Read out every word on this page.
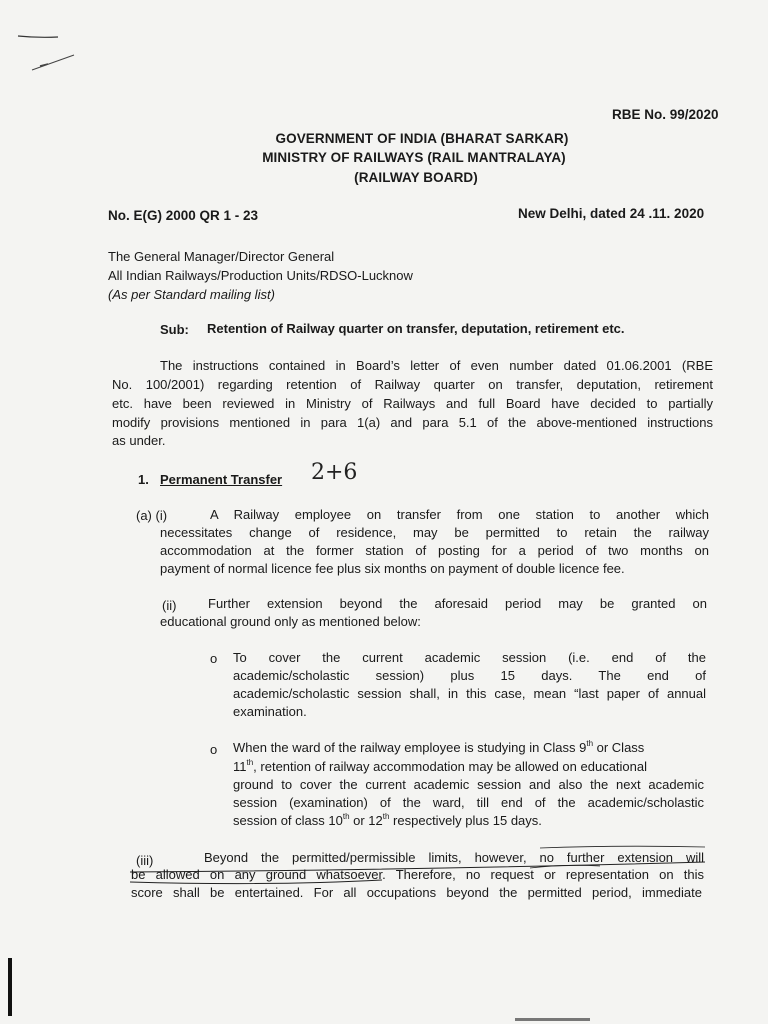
RBE No. 99/2020
GOVERNMENT OF INDIA (BHARAT SARKAR)
MINISTRY OF RAILWAYS (RAIL MANTRALAYA)
(RAILWAY BOARD)
No. E(G) 2000 QR 1 - 23	New Delhi, dated 24 .11. 2020
The General Manager/Director General
All Indian Railways/Production Units/RDSO-Lucknow
(As per Standard mailing list)
Sub: Retention of Railway quarter on transfer, deputation, retirement etc.
The instructions contained in Board’s letter of even number dated 01.06.2001 (RBE
No. 100/2001) regarding retention of Railway quarter on transfer, deputation, retirement
etc. have been reviewed in Ministry of Railways and full Board have decided to partially
modify provisions mentioned in para 1(a) and para 5.1 of the above-mentioned instructions
as under.
1. Permanent Transfer 2+6
(a) (i)	A Railway employee on transfer from one station to another which
necessitates change of residence, may be permitted to retain the railway
accommodation at the former station of posting for a period of two months on
payment of normal licence fee plus six months on payment of double licence fee.
(ii) Further extension beyond the aforesaid period may be granted on
educational ground only as mentioned below:
o To cover the current academic session (i.e. end of the
academic/scholastic session) plus 15 days. The end of
academic/scholastic session shall, in this case, mean “last paper of annual
examination.
o When the ward of the railway employee is studying in Class 9th or Class
11th, retention of railway accommodation may be allowed on educational
ground to cover the current academic session and also the next academic
session (examination) of the ward, till end of the academic/scholastic
session of class 10th or 12th respectively plus 15 days.
(iii)	Beyond the permitted/permissible limits, however, no further extension will
be allowed on any ground whatsoever. Therefore, no request or representation on this
score shall be entertained. For all occupations beyond the permitted period, immediate
